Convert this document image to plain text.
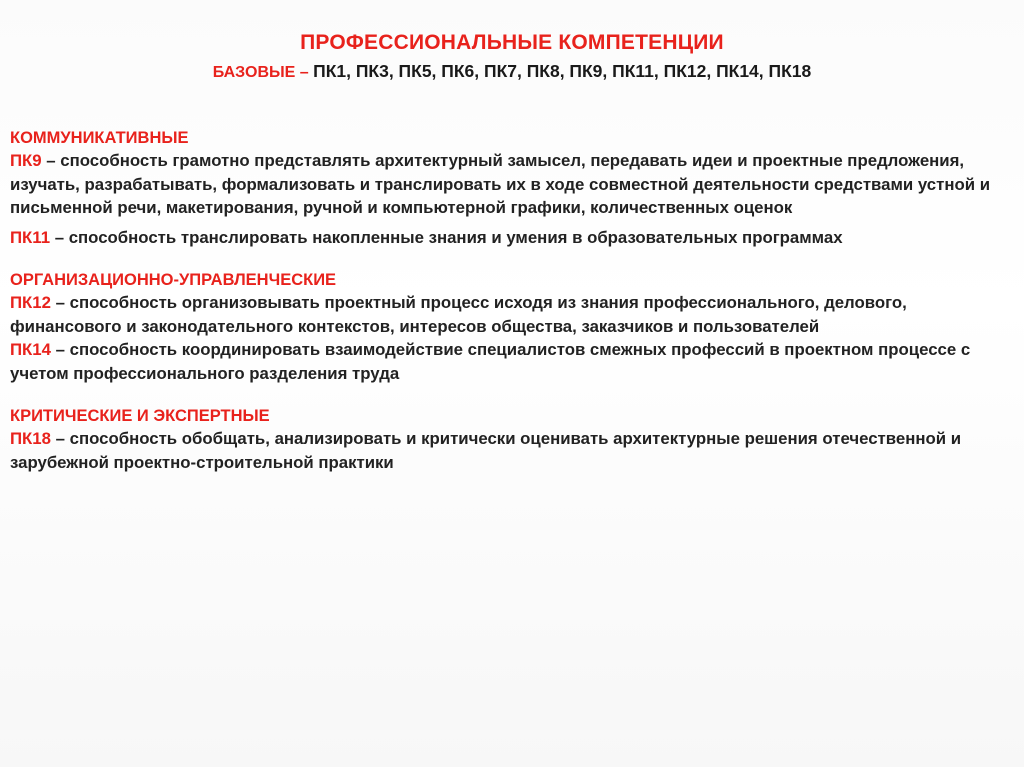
ПРОФЕССИОНАЛЬНЫЕ КОМПЕТЕНЦИИ
БАЗОВЫЕ – ПК1, ПК3, ПК5, ПК6, ПК7, ПК8, ПК9, ПК11, ПК12, ПК14, ПК18
КОММУНИКАТИВНЫЕ
ПК9 – способность грамотно представлять архитектурный замысел, передавать идеи и проектные предложения, изучать, разрабатывать, формализовать и транслировать их в ходе совместной деятельности средствами устной и письменной речи, макетирования, ручной и компьютерной графики, количественных оценок
ПК11 – способность транслировать накопленные знания и умения в образовательных программах
ОРГАНИЗАЦИОННО-УПРАВЛЕНЧЕСКИЕ
ПК12 – способность организовывать проектный процесс исходя из знания профессионального, делового, финансового и законодательного контекстов, интересов общества, заказчиков и пользователей
ПК14 – способность координировать взаимодействие специалистов смежных профессий в проектном процессе с учетом профессионального разделения труда
КРИТИЧЕСКИЕ И ЭКСПЕРТНЫЕ
ПК18 – способность обобщать, анализировать и критически оценивать архитектурные решения отечественной и зарубежной проектно-строительной практики
